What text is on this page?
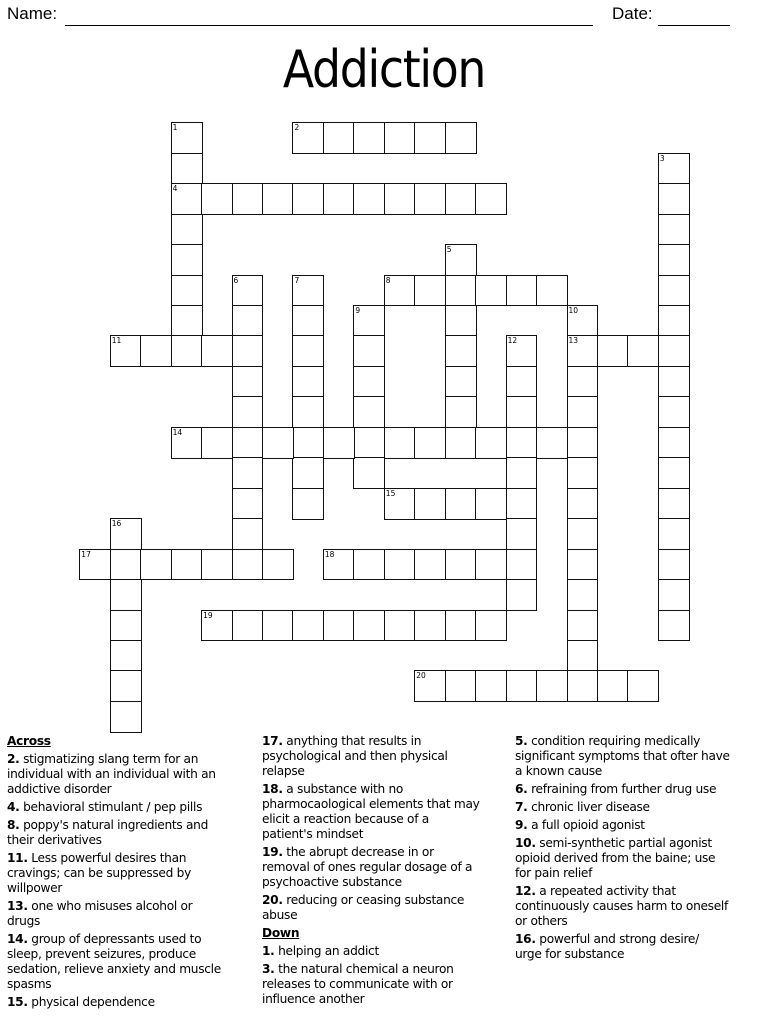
Name:	Date:
Addiction
1
4
2
3
5
6	7	8
9	10
13
11	12
14
15
16
17	18
19
20
Across
2. stigmatizing slang term for an
individual with an individual with an
addictive disorder
4. behavioral stimulant / pep pills
8. poppy's natural ingredients and
their derivatives
11. Less powerful desires than
cravings; can be suppressed by
willpower
13. one who misuses alcohol or
drugs
14. group of depressants used to
sleep, prevent seizures, produce
sedation, relieve anxiety and muscle
spasms
15. physical dependence
17. anything that results in
psychological and then physical
relapse
18. a substance with no
pharmocaological elements that may
elicit a reaction because of a
patient's mindset
19. the abrupt decrease in or
removal of ones regular dosage of a
psychoactive substance
20. reducing or ceasing substance
abuse
Down
1. helping an addict
3. the natural chemical a neuron
releases to communicate with or
influence another
5. condition requiring medically
significant symptoms that ofter have
a known cause
6. refraining from further drug use
7. chronic liver disease
9. a full opioid agonist
10. semi-synthetic partial agonist
opioid derived from the baine; use
for pain relief
12. a repeated activity that
continuously causes harm to oneself
or others
16. powerful and strong desire/
urge for substance
